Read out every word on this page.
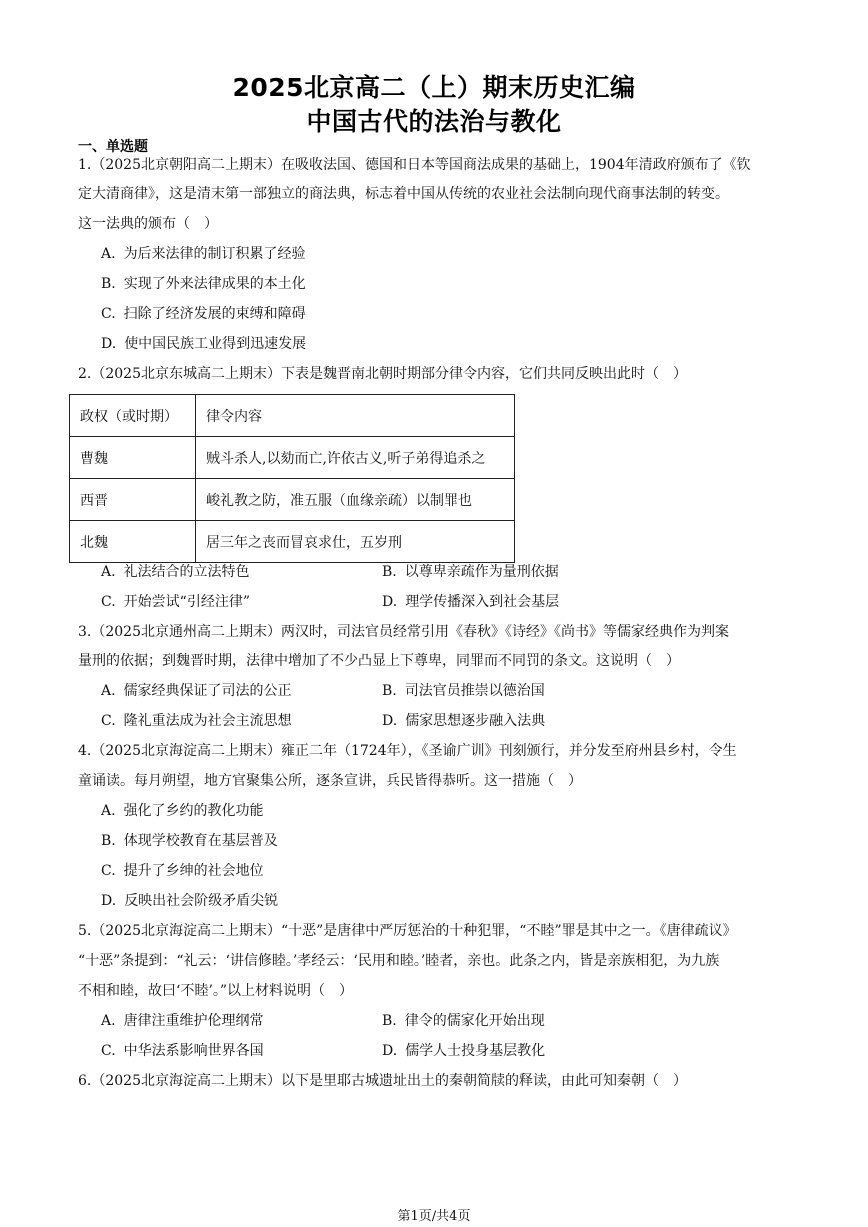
2025北京高二（上）期末历史汇编
中国古代的法治与教化
一、单选题
1.（2025北京朝阳高二上期末）在吸收法国、德国和日本等国商法成果的基础上，1904年清政府颁布了《钦
定大清商律》，这是清末第一部独立的商法典，标志着中国从传统的农业社会法制向现代商事法制的转变。
这一法典的颁布（　）
A. 为后来法律的制订积累了经验
B. 实现了外来法律成果的本土化
C. 扫除了经济发展的束缚和障碍
D. 使中国民族工业得到迅速发展
2.（2025北京东城高二上期末）下表是魏晋南北朝时期部分律令内容，它们共同反映出此时（　）
政权（或时期）	律令内容
曹魏	贼斗杀人,以劾而亡,许依古义,听子弟得追杀之
西晋	峻礼教之防，准五服（血缘亲疏）以制罪也
北魏	居三年之丧而冒哀求仕，五岁刑
A. 礼法结合的立法特色	B. 以尊卑亲疏作为量刑依据
C. 开始尝试“引经注律”	D. 理学传播深入到社会基层
3.（2025北京通州高二上期末）两汉时，司法官员经常引用《春秋》《诗经》《尚书》等儒家经典作为判案
量刑的依据；到魏晋时期，法律中增加了不少凸显上下尊卑，同罪而不同罚的条文。这说明（　）
A. 儒家经典保证了司法的公正	B. 司法官员推崇以德治国
C. 隆礼重法成为社会主流思想	D. 儒家思想逐步融入法典
4.（2025北京海淀高二上期末）雍正二年（1724年），《圣谕广训》刊刻颁行，并分发至府州县乡村，令生
童诵读。每月朔望，地方官聚集公所，逐条宣讲，兵民皆得恭听。这一措施（　）
A. 强化了乡约的教化功能
B. 体现学校教育在基层普及
C. 提升了乡绅的社会地位
D. 反映出社会阶级矛盾尖锐
5.（2025北京海淀高二上期末）“十恶”是唐律中严厉惩治的十种犯罪，“不睦”罪是其中之一。《唐律疏议》
“十恶”条提到：“礼云：‘讲信修睦。’孝经云：‘民用和睦。’睦者，亲也。此条之内，皆是亲族相犯，为九族
不相和睦，故曰‘不睦’。”以上材料说明（　）
A. 唐律注重维护伦理纲常	B. 律令的儒家化开始出现
C. 中华法系影响世界各国	D. 儒学人士投身基层教化
6.（2025北京海淀高二上期末）以下是里耶古城遗址出土的秦朝简牍的释读，由此可知秦朝（　）
第1页/共4页
